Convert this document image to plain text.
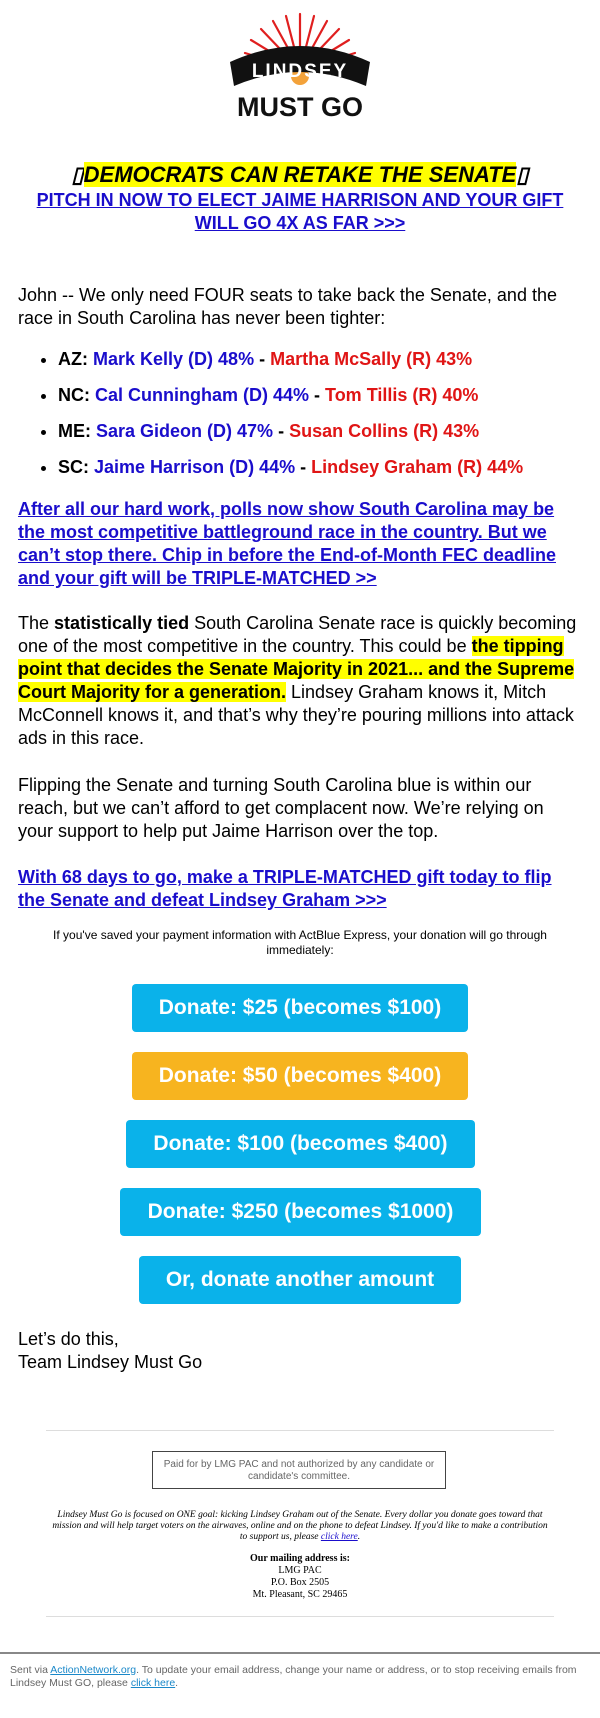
LINDSEY
MUST GO
▯DEMOCRATS CAN RETAKE THE SENATE▯
PITCH IN NOW TO ELECT JAIME HARRISON AND YOUR GIFT WILL GO 4X AS FAR >>>
John -- We only need FOUR seats to take back the Senate, and the race in South Carolina has never been tighter:
• AZ: Mark Kelly (D) 48% - Martha McSally (R) 43%
• NC: Cal Cunningham (D) 44% - Tom Tillis (R) 40%
• ME: Sara Gideon (D) 47% - Susan Collins (R) 43%
• SC: Jaime Harrison (D) 44% - Lindsey Graham (R) 44%
After all our hard work, polls now show South Carolina may be the most competitive battleground race in the country. But we can’t stop there. Chip in before the End-of-Month FEC deadline and your gift will be TRIPLE-MATCHED >>
The statistically tied South Carolina Senate race is quickly becoming one of the most competitive in the country. This could be the tipping point that decides the Senate Majority in 2021... and the Supreme Court Majority for a generation. Lindsey Graham knows it, Mitch McConnell knows it, and that’s why they’re pouring millions into attack ads in this race.
Flipping the Senate and turning South Carolina blue is within our reach, but we can’t afford to get complacent now. We’re relying on your support to help put Jaime Harrison over the top.
With 68 days to go, make a TRIPLE-MATCHED gift today to flip the Senate and defeat Lindsey Graham >>>
If you've saved your payment information with ActBlue Express, your donation will go through immediately:
Donate: $25 (becomes $100)
Donate: $50 (becomes $400)
Donate: $100 (becomes $400)
Donate: $250 (becomes $1000)
Or, donate another amount
Let’s do this,
Team Lindsey Must Go
Paid for by LMG PAC and not authorized by any candidate or candidate's committee.
Lindsey Must Go is focused on ONE goal: kicking Lindsey Graham out of the Senate. Every dollar you donate goes toward that mission and will help target voters on the airwaves, online and on the phone to defeat Lindsey. If you'd like to make a contribution to support us, please click here.
Our mailing address is:
LMG PAC
P.O. Box 2505
Mt. Pleasant, SC 29465
Sent via ActionNetwork.org. To update your email address, change your name or address, or to stop receiving emails from Lindsey Must GO, please click here.
